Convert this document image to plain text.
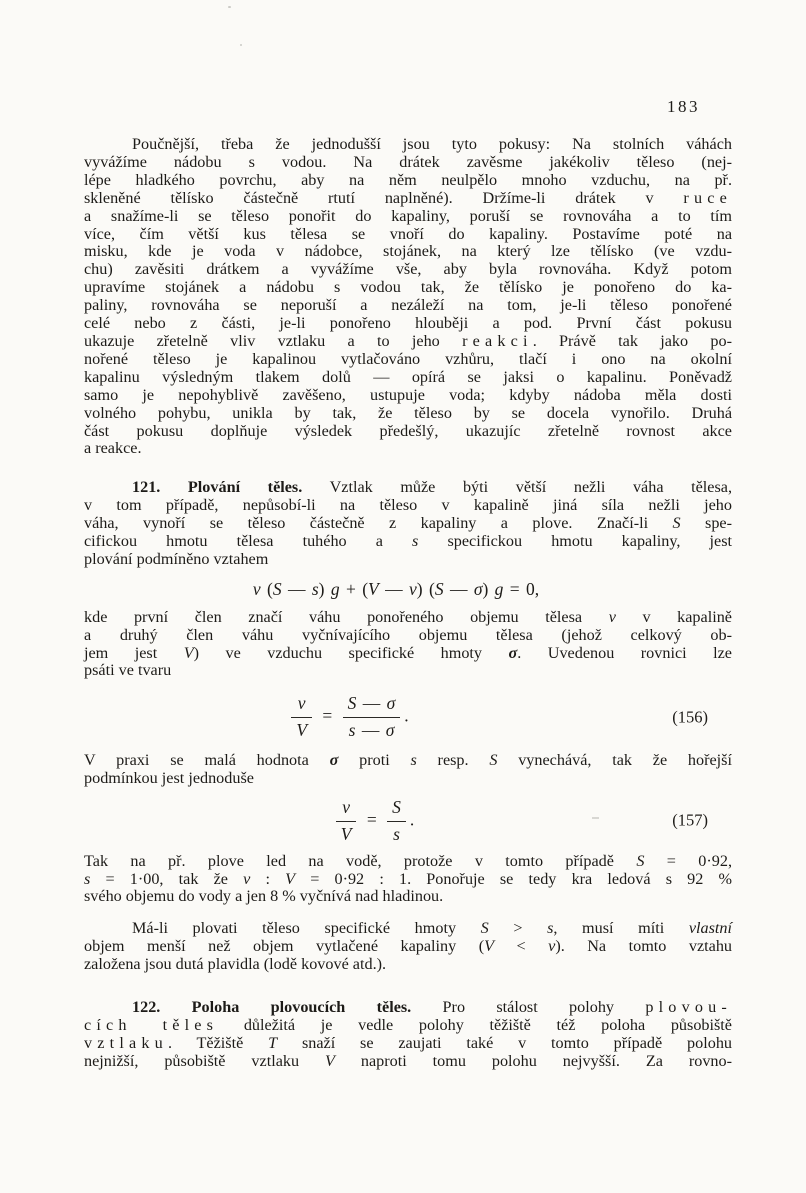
183
Poučnější, třeba že jednodušší jsou tyto pokusy: Na stolních váhách
vyvážíme nádobu s vodou. Na drátek zavěsme jakékoliv těleso (nej-
lépe hladkého povrchu, aby na něm neulpělo mnoho vzduchu, na př.
skleněné tělísko částečně rtutí naplněné). Držíme-li drátek v ruce
a snažíme-li se těleso ponořit do kapaliny, poruší se rovnováha a to tím
více, čím větší kus tělesa se vnoří do kapaliny. Postavíme poté na
misku, kde je voda v nádobce, stojánek, na který lze tělísko (ve vzdu-
chu) zavěsiti drátkem a vyvážíme vše, aby byla rovnováha. Když potom
upravíme stojánek a nádobu s vodou tak, že tělísko je ponořeno do ka-
paliny, rovnováha se neporuší a nezáleží na tom, je-li těleso ponořené
celé nebo z části, je-li ponořeno hlouběji a pod. První část pokusu
ukazuje zřetelně vliv vztlaku a to jeho reakci. Právě tak jako po-
nořené těleso je kapalinou vytlačováno vzhůru, tlačí i ono na okolní
kapalinu výsledným tlakem dolů — opírá se jaksi o kapalinu. Poněvadž
samo je nepohyblivě zavěšeno, ustupuje voda; kdyby nádoba měla dosti
volného pohybu, unikla by tak, že těleso by se docela vynořilo. Druhá
část pokusu doplňuje výsledek předešlý, ukazujíc zřetelně rovnost akce
a reakce.
121. Plování těles. Vztlak může býti větší nežli váha tělesa,
v tom případě, nepůsobí-li na těleso v kapalině jiná síla nežli jeho
váha, vynoří se těleso částečně z kapaliny a plove. Značí-li S spe-
cifickou hmotu tělesa tuhého a s specifickou hmotu kapaliny, jest
plování podmíněno vztahem
v (S — s) g + (V — v) (S — σ) g = 0,
kde první člen značí váhu ponořeného objemu tělesa v v kapalině
a druhý člen váhu vyčnívajícího objemu tělesa (jehož celkový ob-
jem jest V) ve vzduchu specifické hmoty σ. Uvedenou rovnici lze
psáti ve tvaru
$\frac{v}{V} = \frac{S — \sigma}{s — \sigma}$ .	(156)
V praxi se malá hodnota σ proti s resp. S vynechává, tak že hořejší
podmínkou jest jednoduše
$\frac{v}{V} = \frac{S}{s}$ .	(157)
Tak na př. plove led na vodě, protože v tomto případě S = 0·92,
s = 1·00, tak že v : V = 0·92 : 1. Ponořuje se tedy kra ledová s 92 %
svého objemu do vody a jen 8 % vyčnívá nad hladinou.
Má-li plovati těleso specifické hmoty S > s, musí míti vlastní
objem menší než objem vytlačené kapaliny (V < v). Na tomto vztahu
založena jsou dutá plavidla (lodě kovové atd.).
122. Poloha plovoucích těles. Pro stálost polohy plovou-
cích těles důležitá je vedle polohy těžiště též poloha působiště
vztlaku. Těžiště T snaží se zaujati také v tomto případě polohu
nejnižší, působiště vztlaku V naproti tomu polohu nejvyšší. Za rovno-
